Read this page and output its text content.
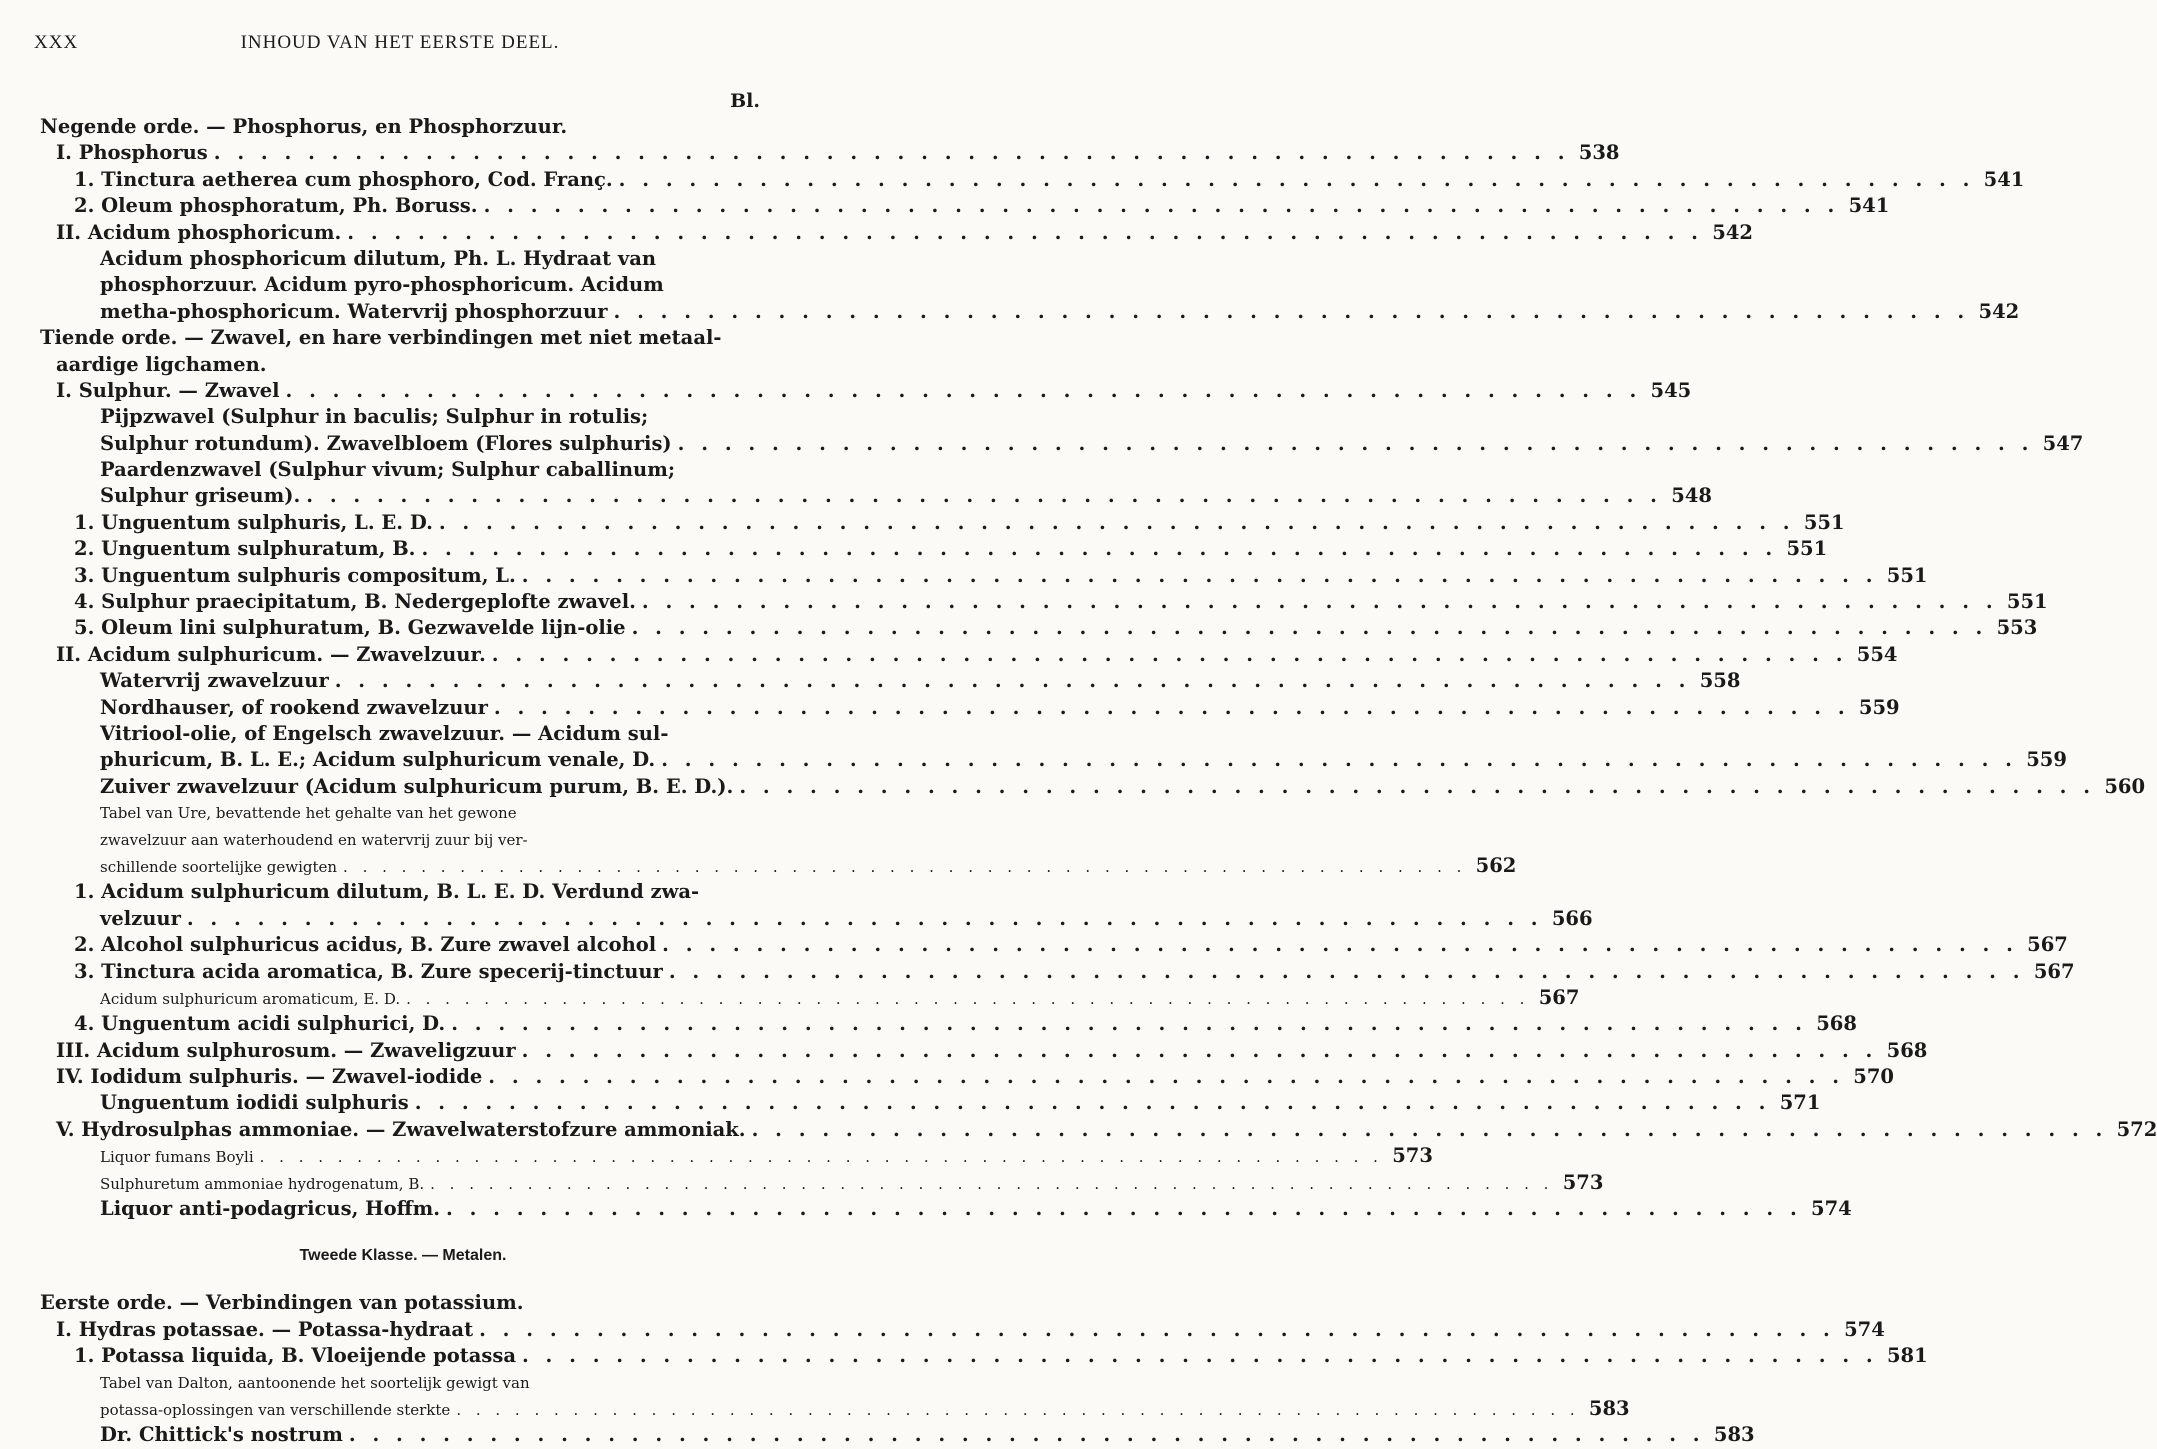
XXX	INHOUD VAN HET EERSTE DEEL.
Bl.
Negende orde. — Phosphorus, en Phosphorzuur.
I. Phosphorus . . .	538
1. Tinctura aetherea cum phosphoro, Cod. Franç. . . .	541
2. Oleum phosphoratum, Ph. Boruss. . . .	541
II. Acidum phosphoricum. . . .	542
Acidum phosphoricum dilutum, Ph. L. Hydraat van
phosphorzuur. Acidum pyro-phosphoricum. Acidum
metha-phosphoricum. Watervrij phosphorzuur . . .	542
Tiende orde. — Zwavel, en hare verbindingen met niet metaal-
aardige ligchamen.
I. Sulphur. — Zwavel . . .	545
Pijpzwavel (Sulphur in baculis; Sulphur in rotulis;
Sulphur rotundum). Zwavelbloem (Flores sulphuris) . . .	547
Paardenzwavel (Sulphur vivum; Sulphur caballinum;
Sulphur griseum). . . .	548
1. Unguentum sulphuris, L. E. D. . . .	551
2. Unguentum sulphuratum, B. . . .	551
3. Unguentum sulphuris compositum, L. . . .	551
4. Sulphur praecipitatum, B. Nedergeplofte zwavel. . . .	551
5. Oleum lini sulphuratum, B. Gezwavelde lijn-olie . . .	553
II. Acidum sulphuricum. — Zwavelzuur. . . .	554
Watervrij zwavelzuur . . .	558
Nordhauser, of rookend zwavelzuur . . .	559
Vitriool-olie, of Engelsch zwavelzuur. — Acidum sul-
phuricum, B. L. E.; Acidum sulphuricum venale, D. . . .	559
Zuiver zwavelzuur (Acidum sulphuricum purum, B. E. D.). . . .	560
Tabel van Ure, bevattende het gehalte van het gewone
zwavelzuur aan waterhoudend en watervrij zuur bij ver-
schillende soortelijke gewigten . . .	562
1. Acidum sulphuricum dilutum, B. L. E. D. Verdund zwa-
velzuur . . .	566
2. Alcohol sulphuricus acidus, B. Zure zwavel alcohol . . .	567
3. Tinctura acida aromatica, B. Zure specerij-tinctuur . . .	567
Acidum sulphuricum aromaticum, E. D. . . .	567
4. Unguentum acidi sulphurici, D. . . .	568
III. Acidum sulphurosum. — Zwaveligzuur . . .	568
IV. Iodidum sulphuris. — Zwavel-iodide . . .	570
Unguentum iodidi sulphuris . . .	571
V. Hydrosulphas ammoniae. — Zwavelwaterstofzure ammoniak. . . .	572
Liquor fumans Boyli . . .	573
Sulphuretum ammoniae hydrogenatum, B. . . .	573
Liquor anti-podagricus, Hoffm. . . .	574
Tweede Klasse. — Metalen.
Eerste orde. — Verbindingen van potassium.
I. Hydras potassae. — Potassa-hydraat . . .	574
1. Potassa liquida, B. Vloeijende potassa . . .	581
Tabel van Dalton, aantoonende het soortelijk gewigt van
potassa-oplossingen van verschillende sterkte . . .	583
Dr. Chittick's nostrum . . .	583
